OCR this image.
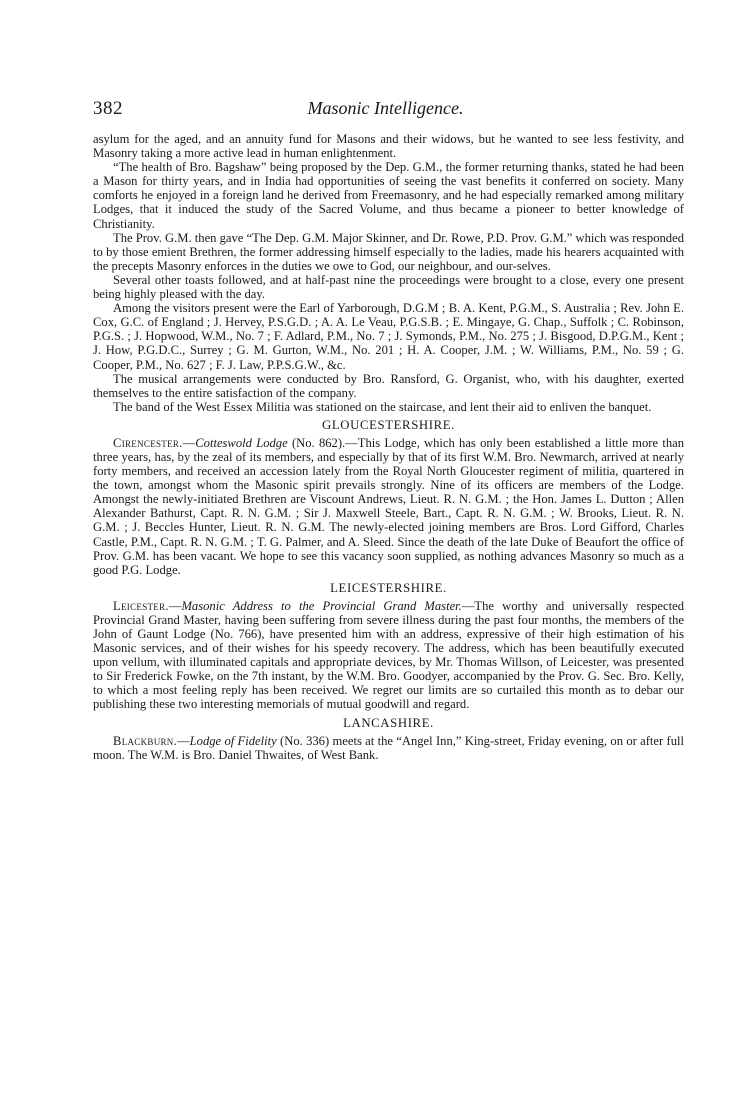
382	Masonic Intelligence.

asylum for the aged, and an annuity fund for Masons and their widows, but he wanted to see less festivity, and Masonry taking a more active lead in human enlightenment.

“The health of Bro. Bagshaw” being proposed by the Dep. G.M., the former returning thanks, stated he had been a Mason for thirty years, and in India had opportunities of seeing the vast benefits it conferred on society. Many comforts he enjoyed in a foreign land he derived from Freemasonry, and he had especially remarked among military Lodges, that it induced the study of the Sacred Volume, and thus became a pioneer to better knowledge of Christianity.

The Prov. G.M. then gave “The Dep. G.M. Major Skinner, and Dr. Rowe, P.D. Prov. G.M.” which was responded to by those emient Brethren, the former addressing himself especially to the ladies, made his hearers acquainted with the precepts Masonry enforces in the duties we owe to God, our neighbour, and our-selves.

Several other toasts followed, and at half-past nine the proceedings were brought to a close, every one present being highly pleased with the day.

Among the visitors present were the Earl of Yarborough, D.G.M ; B. A. Kent, P.G.M., S. Australia ; Rev. John E. Cox, G.C. of England ; J. Hervey, P.S.G.D. ; A. A. Le Veau, P.G.S.B. ; E. Mingaye, G. Chap., Suffolk ; C. Robinson, P.G.S. ; J. Hopwood, W.M., No. 7 ; F. Adlard, P.M., No. 7 ; J. Symonds, P.M., No. 275 ; J. Bisgood, D.P.G.M., Kent ; J. How, P.G.D.C., Surrey ; G. M. Gurton, W.M., No. 201 ; H. A. Cooper, J.M. ; W. Williams, P.M., No. 59 ; G. Cooper, P.M., No. 627 ; F. J. Law, P.P.S.G.W., &c.

The musical arrangements were conducted by Bro. Ransford, G. Organist, who, with his daughter, exerted themselves to the entire satisfaction of the company.

The band of the West Essex Militia was stationed on the staircase, and lent their aid to enliven the banquet.

GLOUCESTERSHIRE.

Cirencester.—Cotteswold Lodge (No. 862).—This Lodge, which has only been established a little more than three years, has, by the zeal of its members, and especially by that of its first W.M. Bro. Newmarch, arrived at nearly forty members, and received an accession lately from the Royal North Gloucester regiment of militia, quartered in the town, amongst whom the Masonic spirit prevails strongly. Nine of its officers are members of the Lodge. Amongst the newly-initiated Brethren are Viscount Andrews, Lieut. R. N. G.M. ; the Hon. James L. Dutton ; Allen Alexander Bathurst, Capt. R. N. G.M. ; Sir J. Maxwell Steele, Bart., Capt. R. N. G.M. ; W. Brooks, Lieut. R. N. G.M. ; J. Beccles Hunter, Lieut. R. N. G.M. The newly-elected joining members are Bros. Lord Gifford, Charles Castle, P.M., Capt. R. N. G.M. ; T. G. Palmer, and A. Sleed. Since the death of the late Duke of Beaufort the office of Prov. G.M. has been vacant. We hope to see this vacancy soon supplied, as nothing advances Masonry so much as a good P.G. Lodge.

LEICESTERSHIRE.

Leicester.—Masonic Address to the Provincial Grand Master.—The worthy and universally respected Provincial Grand Master, having been suffering from severe illness during the past four months, the members of the John of Gaunt Lodge (No. 766), have presented him with an address, expressive of their high estimation of his Masonic services, and of their wishes for his speedy recovery. The address, which has been beautifully executed upon vellum, with illuminated capitals and appropriate devices, by Mr. Thomas Willson, of Leicester, was presented to Sir Frederick Fowke, on the 7th instant, by the W.M. Bro. Goodyer, accompanied by the Prov. G. Sec. Bro. Kelly, to which a most feeling reply has been received. We regret our limits are so curtailed this month as to debar our publishing these two interesting memorials of mutual goodwill and regard.

LANCASHIRE.

Blackburn.—Lodge of Fidelity (No. 336) meets at the “Angel Inn,” King-street, Friday evening, on or after full moon. The W.M. is Bro. Daniel Thwaites, of West Bank.
